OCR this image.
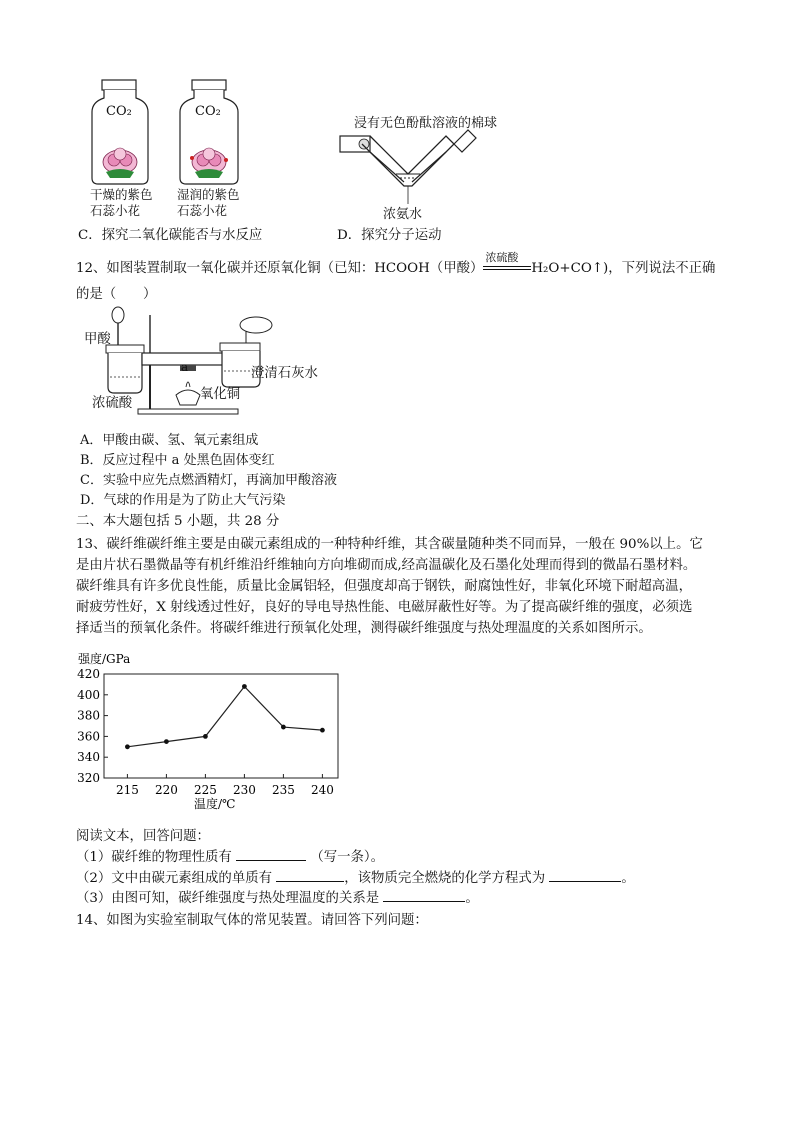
CO₂	CO₂
干燥的紫色
石蕊小花
湿润的紫色
石蕊小花
C．探究二氧化碳能否与水反应
浸有无色酚酞溶液的棉球
浓氨水
D．探究分子运动
12、如图装置制取一氧化碳并还原氧化铜（已知：HCOOH（甲酸）
浓硫酸
H₂O+CO↑)，下列说法不正确
的是（　　）
甲酸
浓硫酸
a	澄清石灰水
氧化铜
A．甲酸由碳、氢、氧元素组成
B．反应过程中 a 处黑色固体变红
C．实验中应先点燃酒精灯，再滴加甲酸溶液
D．气球的作用是为了防止大气污染
二、本大题包括 5 小题，共 28 分
13、碳纤维碳纤维主要是由碳元素组成的一种特种纤维，其含碳量随种类不同而异，一般在 90%以上。它
是由片状石墨微晶等有机纤维沿纤维轴向方向堆砌而成,经高温碳化及石墨化处理而得到的微晶石墨材料。
碳纤维具有许多优良性能，质量比金属铝轻，但强度却高于钢铁，耐腐蚀性好，非氧化环境下耐超高温，
耐疲劳性好，X 射线透过性好，良好的导电导热性能、电磁屏蔽性好等。为了提高碳纤维的强度，必须选
择适当的预氧化条件。将碳纤维进行预氧化处理，测得碳纤维强度与热处理温度的关系如图所示。
强度/GPa
320
340
360
380
400
420
215 220 225 230 235 240
温度/℃
阅读文本，回答问题：
（1）碳纤维的物理性质有	（写一条）。
（2）文中由碳元素组成的单质有	，该物质完全燃烧的化学方程式为	。
（3）由图可知，碳纤维强度与热处理温度的关系是	。
14、如图为实验室制取气体的常见装置。请回答下列问题：
